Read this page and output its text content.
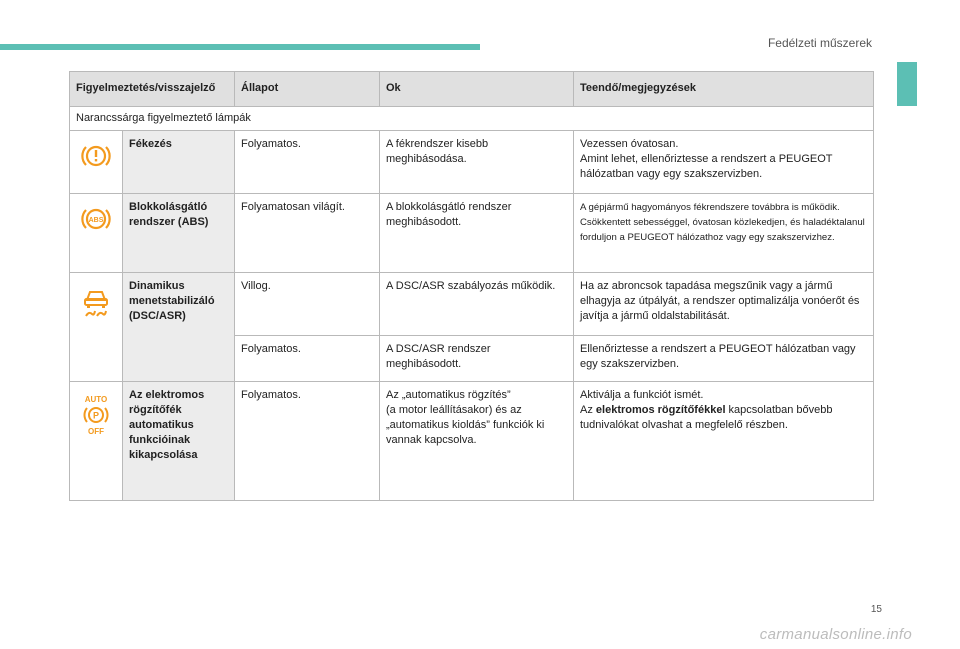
Fedélzeti műszerek
Figyelmeztetés/visszajelző		Állapot	Ok	Teendő/megjegyzések
Narancssárga figyelmeztető lámpák				
	Fékezés	Folyamatos.	A fékrendszer kisebb meghibásodása.	Vezessen óvatosan.
Amint lehet, ellenőriztesse a rendszert a PEUGEOT hálózatban vagy egy szakszervizben.

ABS	Blokkolásgátló rendszer (ABS)	Folyamatosan világít.	A blokkolásgátló rendszer meghibásodott.	A gépjármű hagyományos fékrendszere továbbra is működik. Csökkentett sebességgel, óvatosan közlekedjen, és haladéktalanul forduljon a PEUGEOT hálózathoz vagy egy szakszervizhez.
	Dinamikus menetstabilizáló (DSC/ASR)	Villog.	A DSC/ASR szabályozás működik.	Ha az abroncsok tapadása megszűnik vagy a jármű elhagyja az útpályát, a rendszer optimalizálja vonóerőt és javítja a jármű oldalstabilitását.
		Folyamatos.	A DSC/ASR rendszer meghibásodott.	Ellenőriztesse a rendszert a PEUGEOT hálózatban vagy egy szakszervizben.

AUTO
P
OFF	Az elektromos rögzítőfék automatikus funkcióinak kikapcsolása	Folyamatos.	Az „automatikus rögzítés”
(a motor leállításakor) és az „automatikus kioldás” funkciók ki vannak kapcsolva.	Aktiválja a funkciót ismét.
Az elektromos rögzítőfékkel kapcsolatban bővebb tudnivalókat olvashat a megfelelő részben.
15
carmanualsonline.info
